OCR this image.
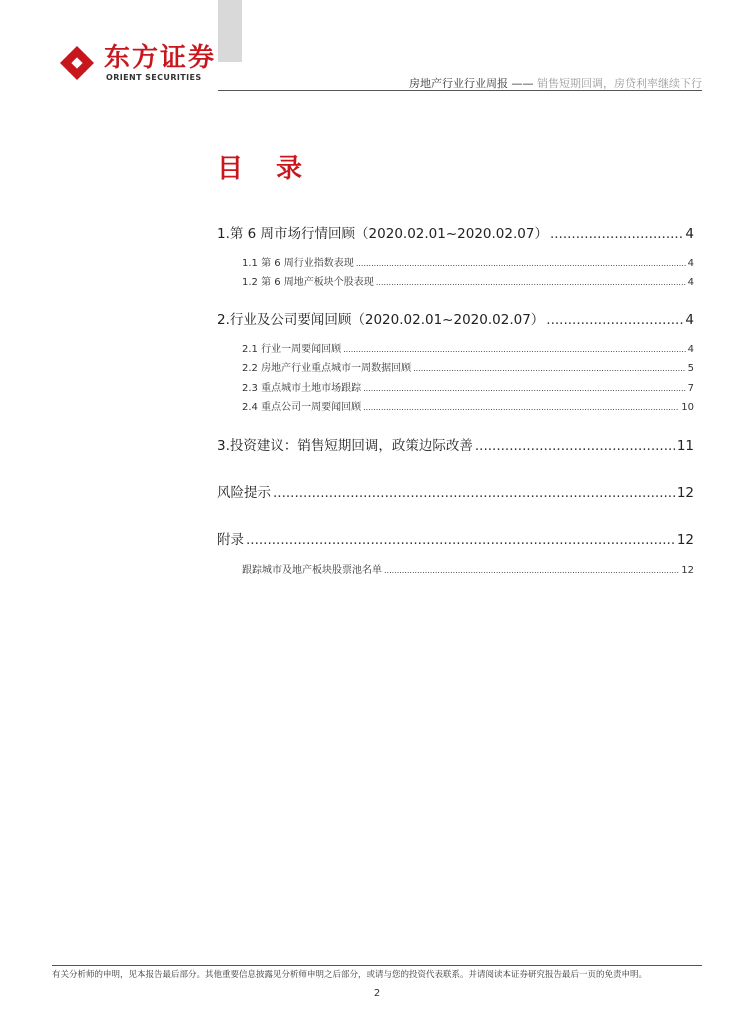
东方证券
ORIENT SECURITIES	房地产行业行业周报 —— 销售短期回调，房贷利率继续下行
目 录
1.第 6 周市场行情回顾（2020.02.01~2020.02.07） .....	4
1.1 第 6 周行业指数表现 .....	4
1.2 第 6 周地产板块个股表现 .....	4
2.行业及公司要闻回顾（2020.02.01~2020.02.07） .....	4
2.1 行业一周要闻回顾 .....	4
2.2 房地产行业重点城市一周数据回顾 .....	5
2.3 重点城市土地市场跟踪 .....	7
2.4 重点公司一周要闻回顾 .....	10
3.投资建议：销售短期回调，政策边际改善 .....	11
风险提示 .....	12
附录 .....	12
跟踪城市及地产板块股票池名单 .....	12
有关分析师的申明，见本报告最后部分。其他重要信息披露见分析师申明之后部分，或请与您的投资代表联系。并请阅读本证券研究报告最后一页的免责申明。
2
